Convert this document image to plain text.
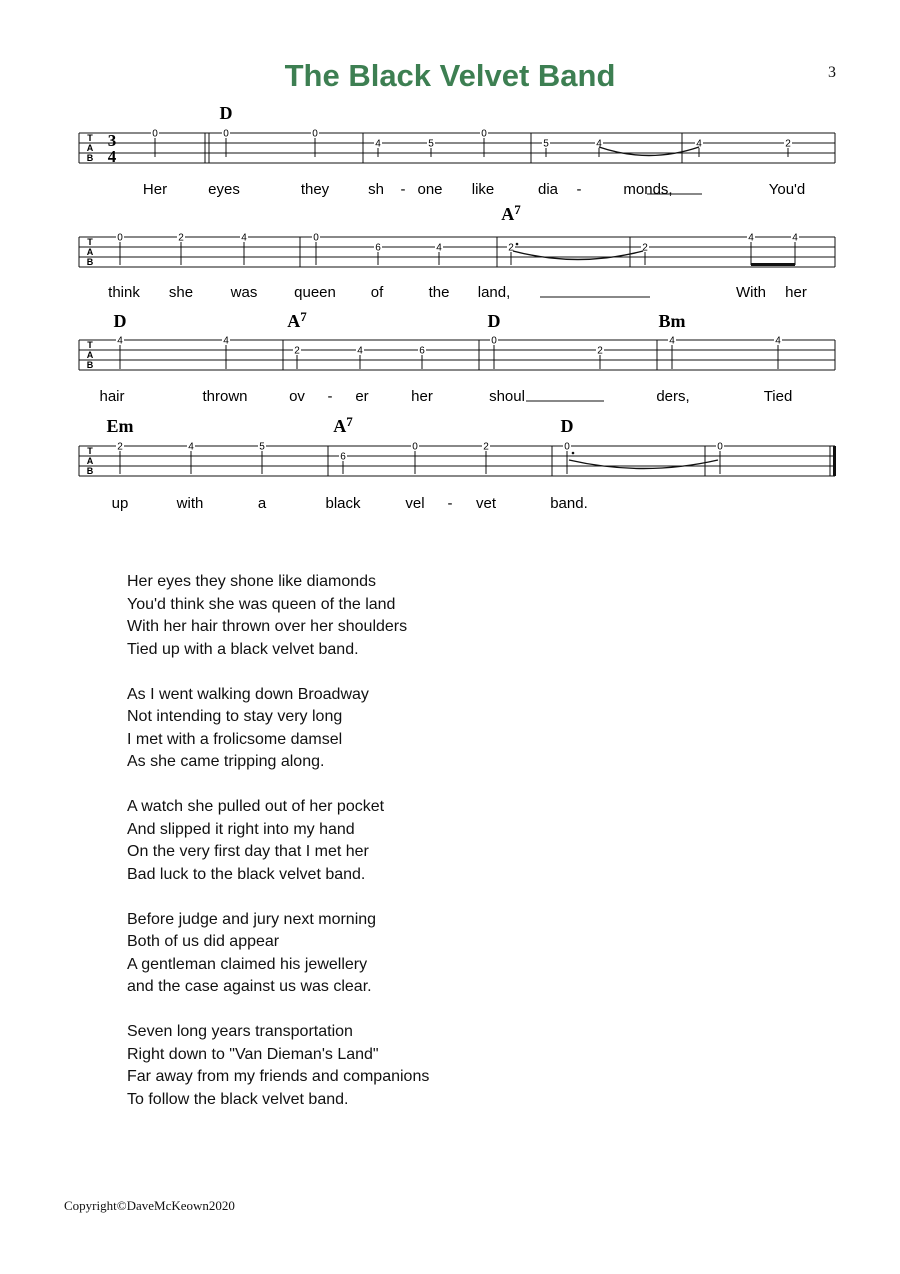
The Black Velvet Band	3
T
A
B
3
4
D
0	0	0
4	5
0
5	4	4	2
Her	eyes	they	sh - one like	dia -	monds,	You'd
T
A
B
$A^7$
0	2	4	0
6	4	2	2
4	4
think she	was queen of	the land,	With her
T
A
B
D	$A^7$	D	Bm
4	4
2	4	6
0
2
4	4
hair	thrown	ov - er	her	shoul	ders,	Tied
T
A
B
Em	$A^7$	D
2	4	5
6
0	2	0	0
up	with	a	black	vel - vet	band.
Her eyes they shone like diamonds
You'd think she was queen of the land
With her hair thrown over her shoulders
Tied up with a black velvet band.
As I went walking down Broadway
Not intending to stay very long
I met with a frolicsome damsel
As she came tripping along.
A watch she pulled out of her pocket
And slipped it right into my hand
On the very first day that I met her
Bad luck to the black velvet band.
Before judge and jury next morning
Both of us did appear
A gentleman claimed his jewellery
and the case against us was clear.
Seven long years transportation
Right down to "Van Dieman's Land"
Far away from my friends and companions
To follow the black velvet band.
Copyright©DaveMcKeown2020
